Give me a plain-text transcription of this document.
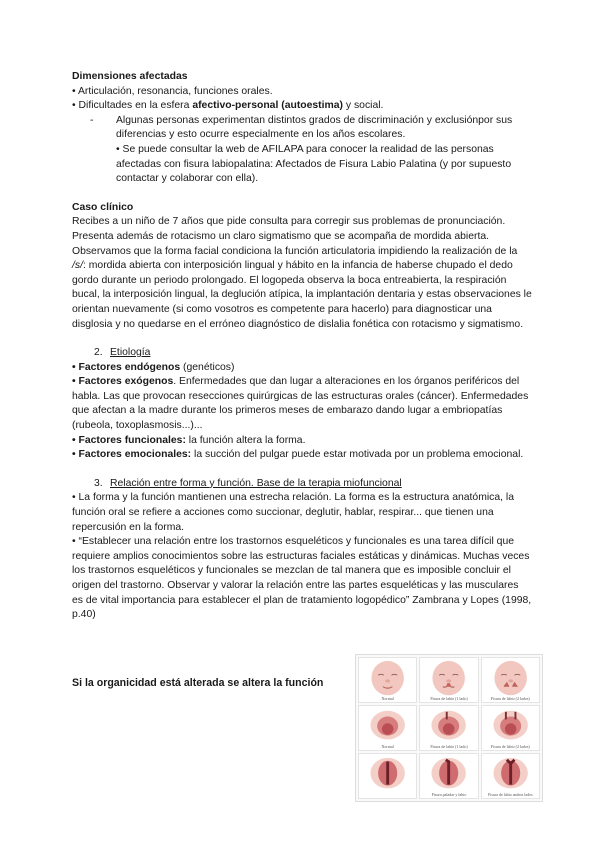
Dimensiones afectadas

• Articulación, resonancia, funciones orales.

• Dificultades en la esfera afectivo-personal (autoestima) y social.

- Algunas personas experimentan distintos grados de discriminación y exclusiónpor sus diferencias y esto ocurre especialmente en los años escolares.

• Se puede consultar la web de AFILAPA para conocer la realidad de las personas afectadas con fisura labiopalatina: Afectados de Fisura Labio Palatina (y por supuesto contactar y colaborar con ella).

Caso clínico

Recibes a un niño de 7 años que pide consulta para corregir sus problemas de pronunciación. Presenta además de rotacismo un claro sigmatismo que se acompaña de mordida abierta. Observamos que la forma facial condiciona la función articulatoria impidiendo la realización de la /s/: mordida abierta con interposición lingual y hábito en la infancia de haberse chupado el dedo gordo durante un periodo prolongado. El logopeda observa la boca entreabierta, la respiración bucal, la interposición lingual, la deglución atípica, la implantación dentaria y estas observaciones le orientan nuevamente (si como vosotros es competente para hacerlo) para diagnosticar una disglosia y no quedarse en el erróneo diagnóstico de dislalia fonética con rotacismo y sigmatismo.

2. Etiología

• Factores endógenos (genéticos)

• Factores exógenos. Enfermedades que dan lugar a alteraciones en los órganos periféricos del habla. Las que provocan resecciones quirúrgicas de las estructuras orales (cáncer). Enfermedades que afectan a la madre durante los primeros meses de embarazo dando lugar a embriopatías (rubeola, toxoplasmosis...)...

• Factores funcionales: la función altera la forma.

• Factores emocionales: la succión del pulgar puede estar motivada por un problema emocional.

3. Relación entre forma y función. Base de la terapia miofuncional

• La forma y la función mantienen una estrecha relación. La forma es la estructura anatómica, la función oral se refiere a acciones como succionar, deglutir, hablar, respirar... que tienen una repercusión en la forma.

• “Establecer una relación entre los trastornos esqueléticos y funcionales es una tarea difícil que requiere amplios conocimientos sobre las estructuras faciales estáticas y dinámicas. Muchas veces los trastornos esqueléticos y funcionales se mezclan de tal manera que es imposible concluir el origen del trastorno. Observar y valorar la relación entre las partes esqueléticas y las musculares es de vital importancia para establecer el plan de tratamiento logopédico” Zambrana y Lopes (1998, p.40)

Si la organicidad está alterada se altera la función

Normal	Fisura de labio (1 lado)	Fisura de labio (2 lados)
Normal	Fisura de labio (1 lado)	Fisura de labio (2 lados)
Fisura paladar y labio	Fisura de labio ambos lados
